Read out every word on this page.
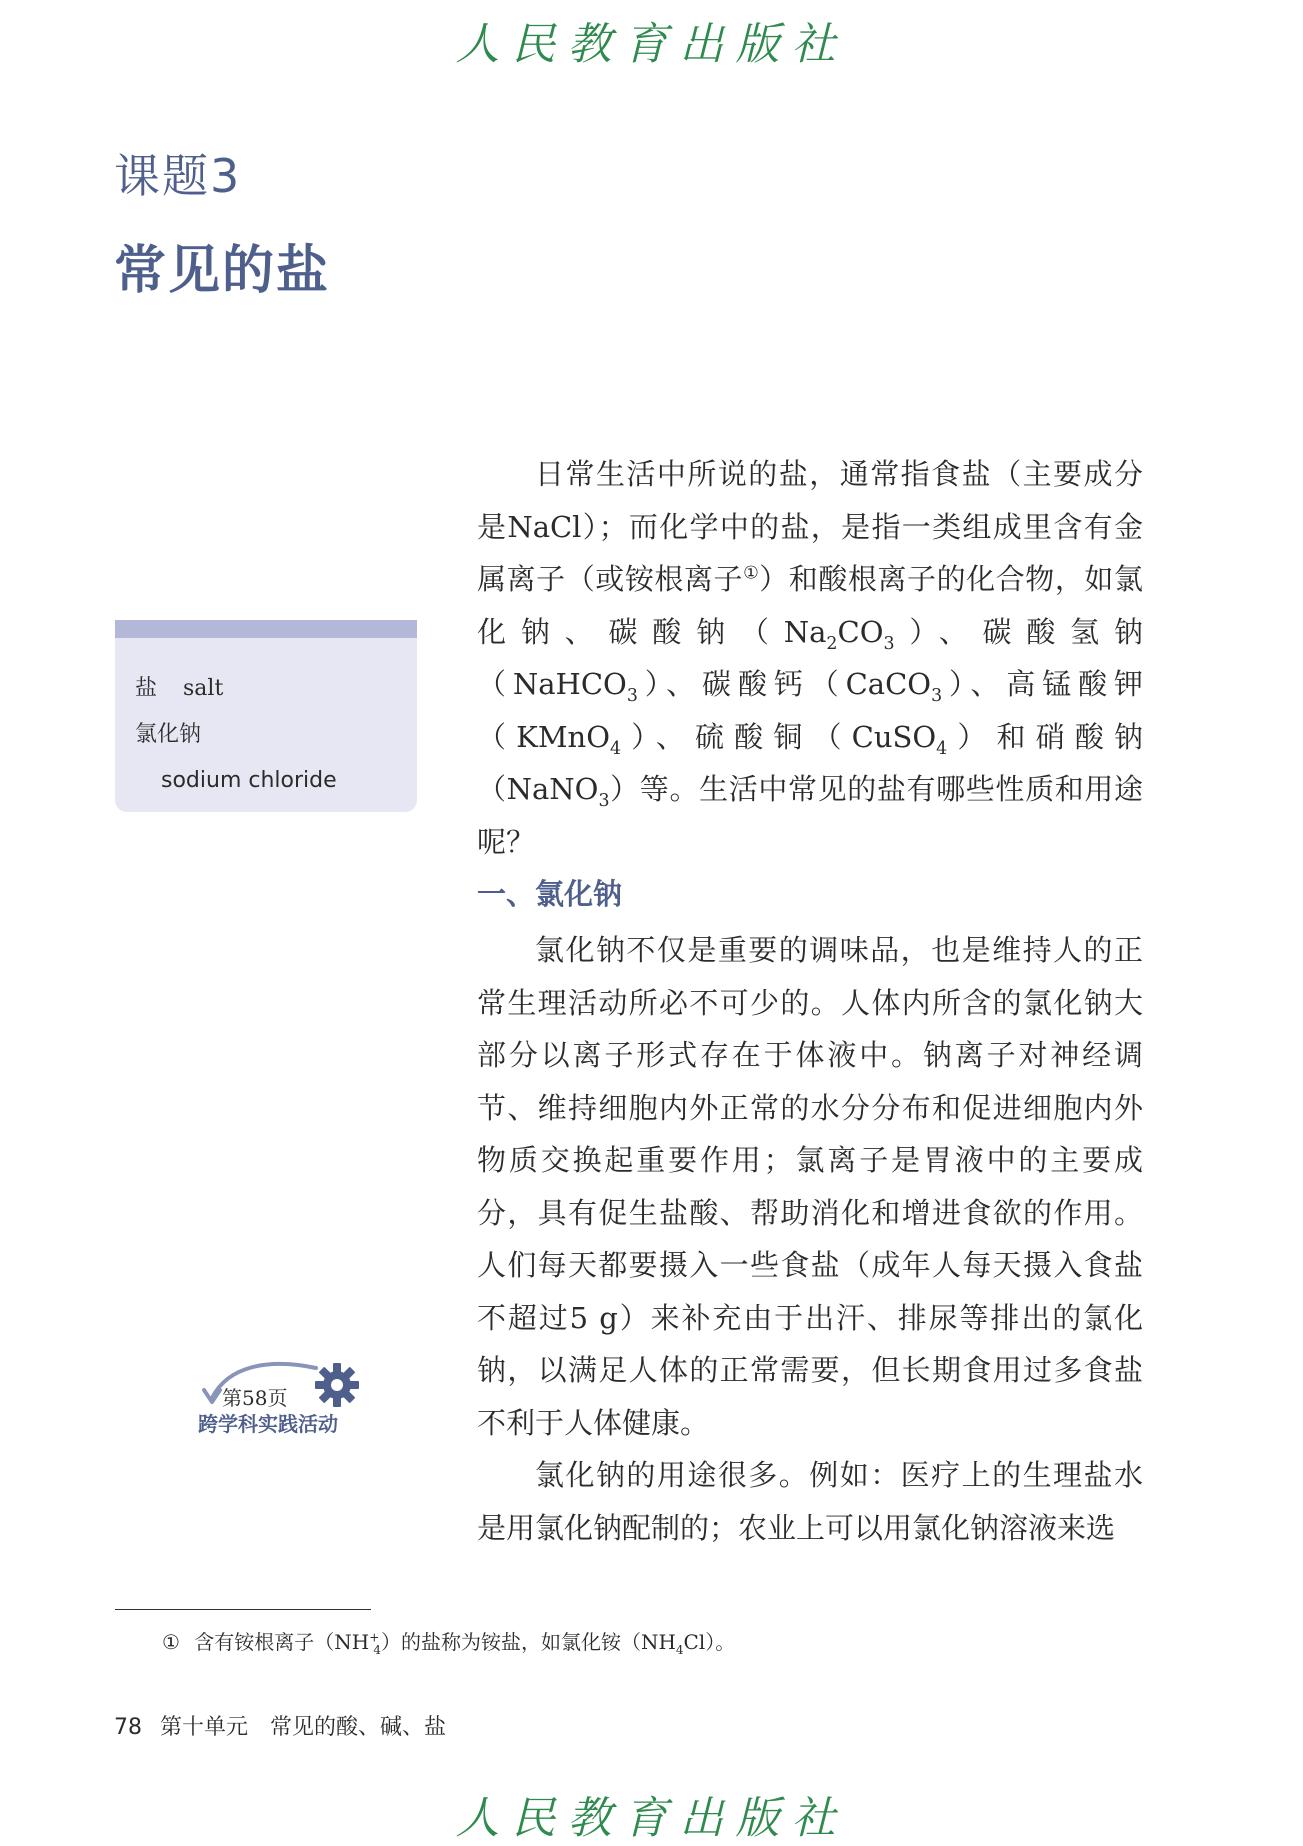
人民教育出版社
课题3
常见的盐
盐 salt
氯化钠
sodium chloride
日常生活中所说的盐，通常指食盐（主要成分是NaCl）；而化学中的盐，是指一类组成里含有金属离子（或铵根离子①）和酸根离子的化合物，如氯化钠、碳酸钠$(Na_2CO_3)$、碳酸氢钠（NaHCO$_3$）、碳酸钙（CaCO$_3$）、高锰酸钾（KMnO$_4$）、硫酸铜（CuSO$_4$）和硝酸钠（NaNO$_3$）等。生活中常见的盐有哪些性质和用途呢？
一、氯化钠

氯化钠不仅是重要的调味品，也是维持人的正常生理活动所必不可少的。人体内所含的氯化钠大部分以离子形式存在于体液中。钠离子对神经调节、维持细胞内外正常的水分分布和促进细胞内外物质交换起重要作用；氯离子是胃液中的主要成分，具有促生盐酸、帮助消化和增进食欲的作用。人们每天都要摄入一些食盐（成年人每天摄入食盐不超过5 g）来补充由于出汗、排尿等排出的氯化钠，以满足人体的正常需要，但长期食用过多食盐不利于人体健康。

氯化钠的用途很多。例如：医疗上的生理盐水是用氯化钠配制的；农业上可以用氯化钠溶液来选

第58页
跨学科实践活动
① 含有铵根离子$(NH^+_4)$的盐称为铵盐，如氯化铵$(NH_4Cl)$。
78 第十单元　常见的酸、碱、盐
人民教育出版社
